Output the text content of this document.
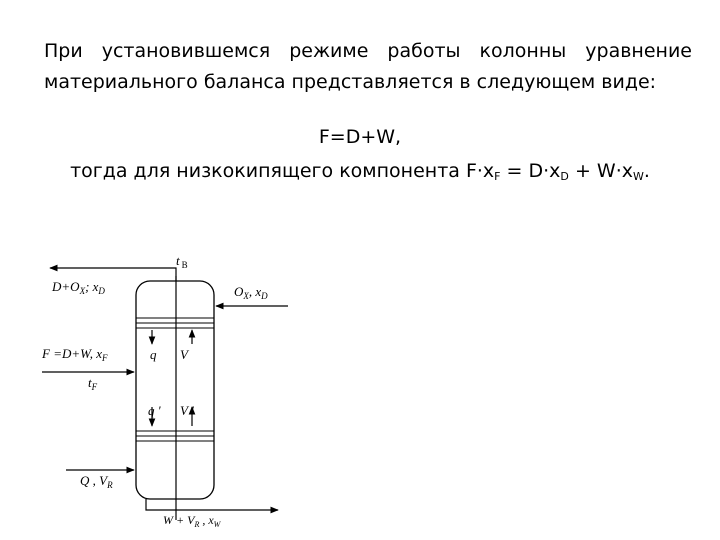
При установившемся режиме работы колонны уравнение материального баланса представляется в следующем виде:

F=D+W,
тогда для низкокипящего компонента $F\cdot x_F = D\cdot x_D + W\cdot x_W$.
t $_В$
$D+O_X$; $x_D$	$O_X$, $x_D$
F =D+W, $x_F$
$t_F$
q V
q ' V '
Q , $V_R$
$W + V_R$ , $x_W$
